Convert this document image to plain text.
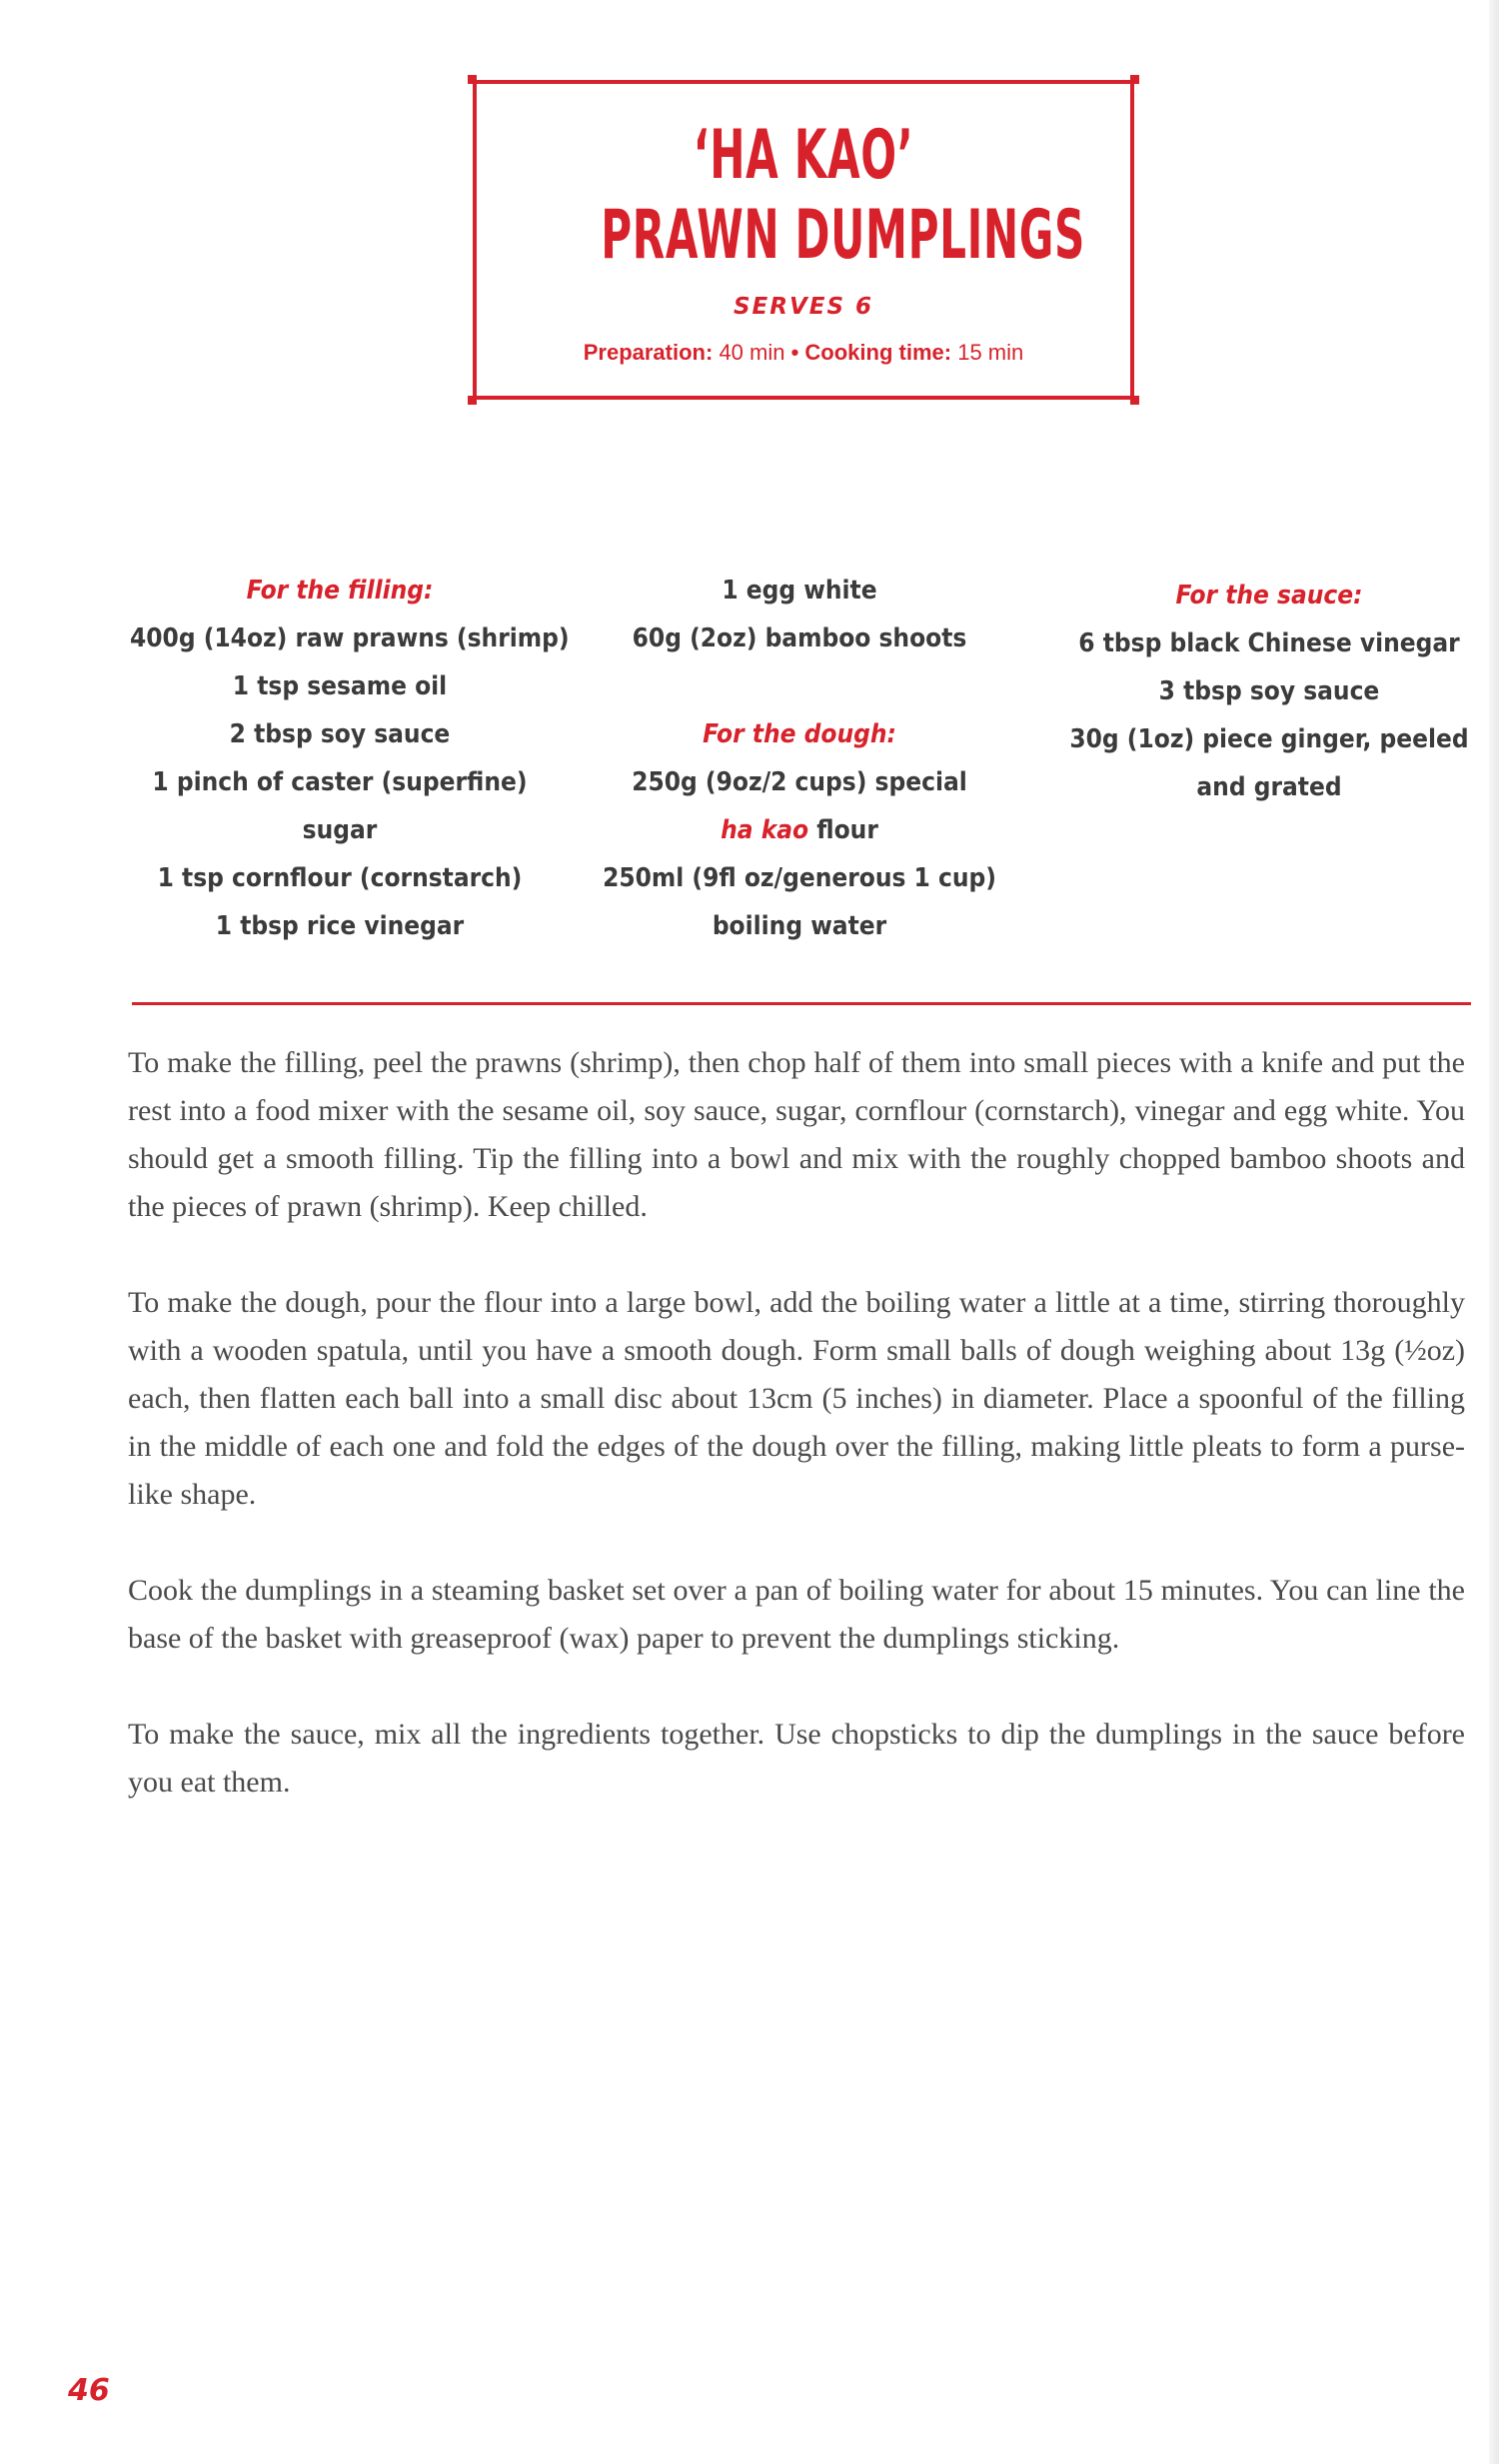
‘HA KAO’
PRAWN DUMPLINGS
SERVES 6
Preparation: 40 min • Cooking time: 15 min
For the filling:
400g (14oz) raw prawns (shrimp)
1 tsp sesame oil
2 tbsp soy sauce
1 pinch of caster (superfine)
sugar
1 tsp cornflour (cornstarch)
1 tbsp rice vinegar
1 egg white
60g (2oz) bamboo shoots
For the dough:
250g (9oz/2 cups) special
ha kao flour
250ml (9fl oz/generous 1 cup)
boiling water
For the sauce:
6 tbsp black Chinese vinegar
3 tbsp soy sauce
30g (1oz) piece ginger, peeled
and grated

To make the filling, peel the prawns (shrimp), then chop half of them into small pieces with a knife and put the rest into a food mixer with the sesame oil, soy sauce, sugar, cornflour (cornstarch), vinegar and egg white. You should get a smooth filling. Tip the filling into a bowl and mix with the roughly chopped bamboo shoots and the pieces of prawn (shrimp). Keep chilled.

To make the dough, pour the flour into a large bowl, add the boiling water a little at a time, stirring thoroughly with a wooden spatula, until you have a smooth dough. Form small balls of dough weighing about 13g (½oz) each, then flatten each ball into a small disc about 13cm (5 inches) in diameter. Place a spoonful of the filling in the middle of each one and fold the edges of the dough over the filling, making little pleats to form a purse-like shape.

Cook the dumplings in a steaming basket set over a pan of boiling water for about 15 minutes. You can line the base of the basket with greaseproof (wax) paper to prevent the dumplings sticking.

To make the sauce, mix all the ingredients together. Use chopsticks to dip the dumplings in the sauce before you eat them.

46
